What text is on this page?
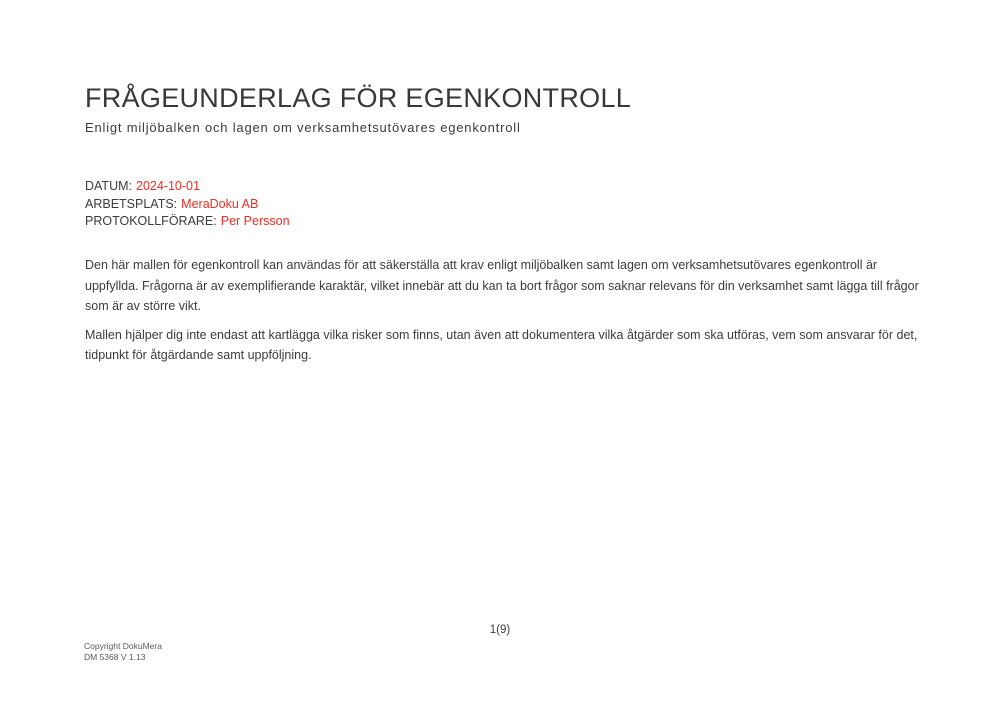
FRÅGEUNDERLAG FÖR EGENKONTROLL
Enligt miljöbalken och lagen om verksamhetsutövares egenkontroll
DATUM: 2024-10-01
ARBETSPLATS: MeraDoku AB
PROTOKOLLFÖRARE: Per Persson

Den här mallen för egenkontroll kan användas för att säkerställa att krav enligt miljöbalken samt lagen om verksamhetsutövares egenkontroll är uppfyllda. Frågorna är av exemplifierande karaktär, vilket innebär att du kan ta bort frågor som saknar relevans för din verksamhet samt lägga till frågor som är av större vikt.

Mallen hjälper dig inte endast att kartlägga vilka risker som finns, utan även att dokumentera vilka åtgärder som ska utföras, vem som ansvarar för det, tidpunkt för åtgärdande samt uppföljning.

1(9)
Copyright DokuMera
DM 5368 V 1.13
